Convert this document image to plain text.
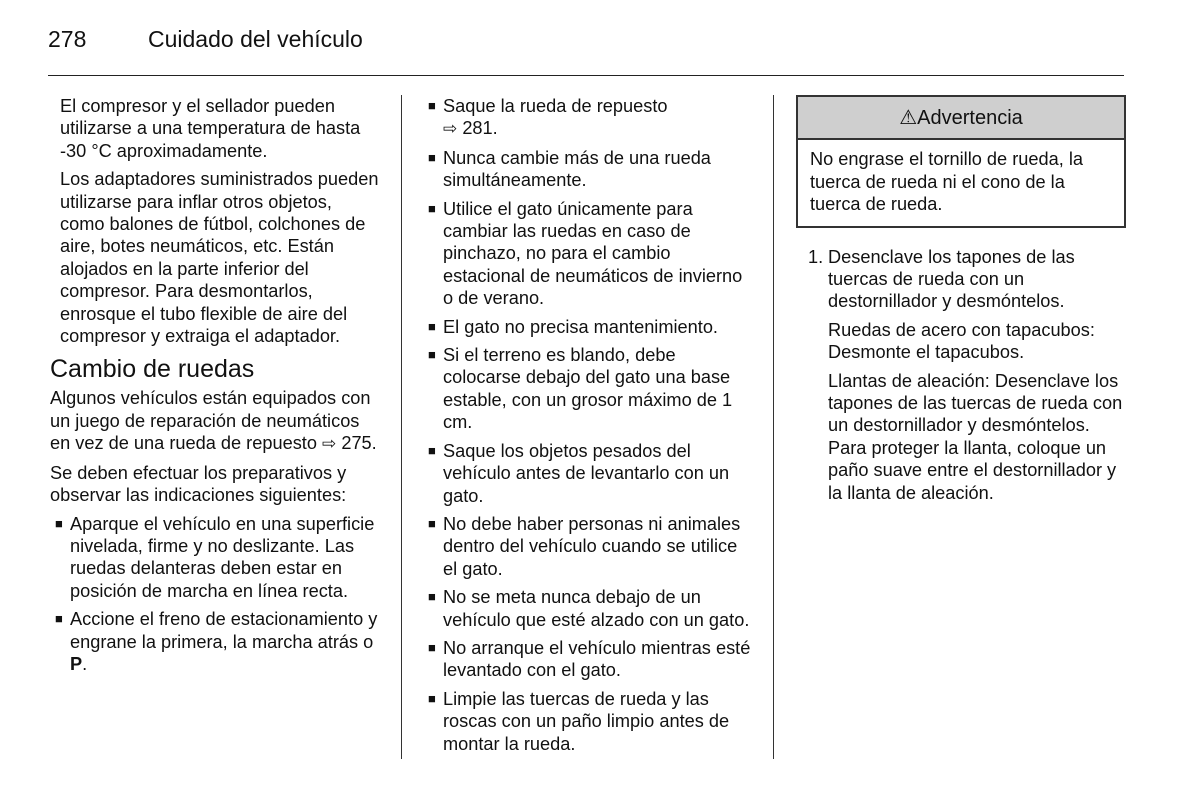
278	Cuidado del vehículo

El compresor y el sellador pueden utilizarse a una temperatura de hasta -30 °C aproximadamente.

Los adaptadores suministrados pueden utilizarse para inflar otros objetos, como balones de fútbol, colchones de aire, botes neumáticos, etc. Están alojados en la parte inferior del compresor. Para desmontarlos, enrosque el tubo flexible de aire del compresor y extraiga el adaptador.

Cambio de ruedas

Algunos vehículos están equipados con un juego de reparación de neumáticos en vez de una rueda de repuesto ⇨ 275.

Se deben efectuar los preparativos y observar las indicaciones siguientes:

■ Aparque el vehículo en una superficie nivelada, firme y no deslizante. Las ruedas delanteras deben estar en posición de marcha en línea recta.
■ Accione el freno de estacionamiento y engrane la primera, la marcha atrás o P.
■ Saque la rueda de repuesto
⇨ 281.
■ Nunca cambie más de una rueda simultáneamente.
■ Utilice el gato únicamente para cambiar las ruedas en caso de pinchazo, no para el cambio estacional de neumáticos de invierno o de verano.
■ El gato no precisa mantenimiento.
■ Si el terreno es blando, debe colocarse debajo del gato una base estable, con un grosor máximo de 1 cm.
■ Saque los objetos pesados del vehículo antes de levantarlo con un gato.
■ No debe haber personas ni animales dentro del vehículo cuando se utilice el gato.
■ No se meta nunca debajo de un vehículo que esté alzado con un gato.
■ No arranque el vehículo mientras esté levantado con el gato.
■ Limpie las tuercas de rueda y las roscas con un paño limpio antes de montar la rueda.
⚠Advertencia
No engrase el tornillo de rueda, la tuerca de rueda ni el cono de la tuerca de rueda.
1. Desenclave los tapones de las tuercas de rueda con un destornillador y desmóntelos.

Ruedas de acero con tapacubos: Desmonte el tapacubos.

Llantas de aleación: Desenclave los tapones de las tuercas de rueda con un destornillador y desmóntelos. Para proteger la llanta, coloque un paño suave entre el destornillador y la llanta de aleación.
